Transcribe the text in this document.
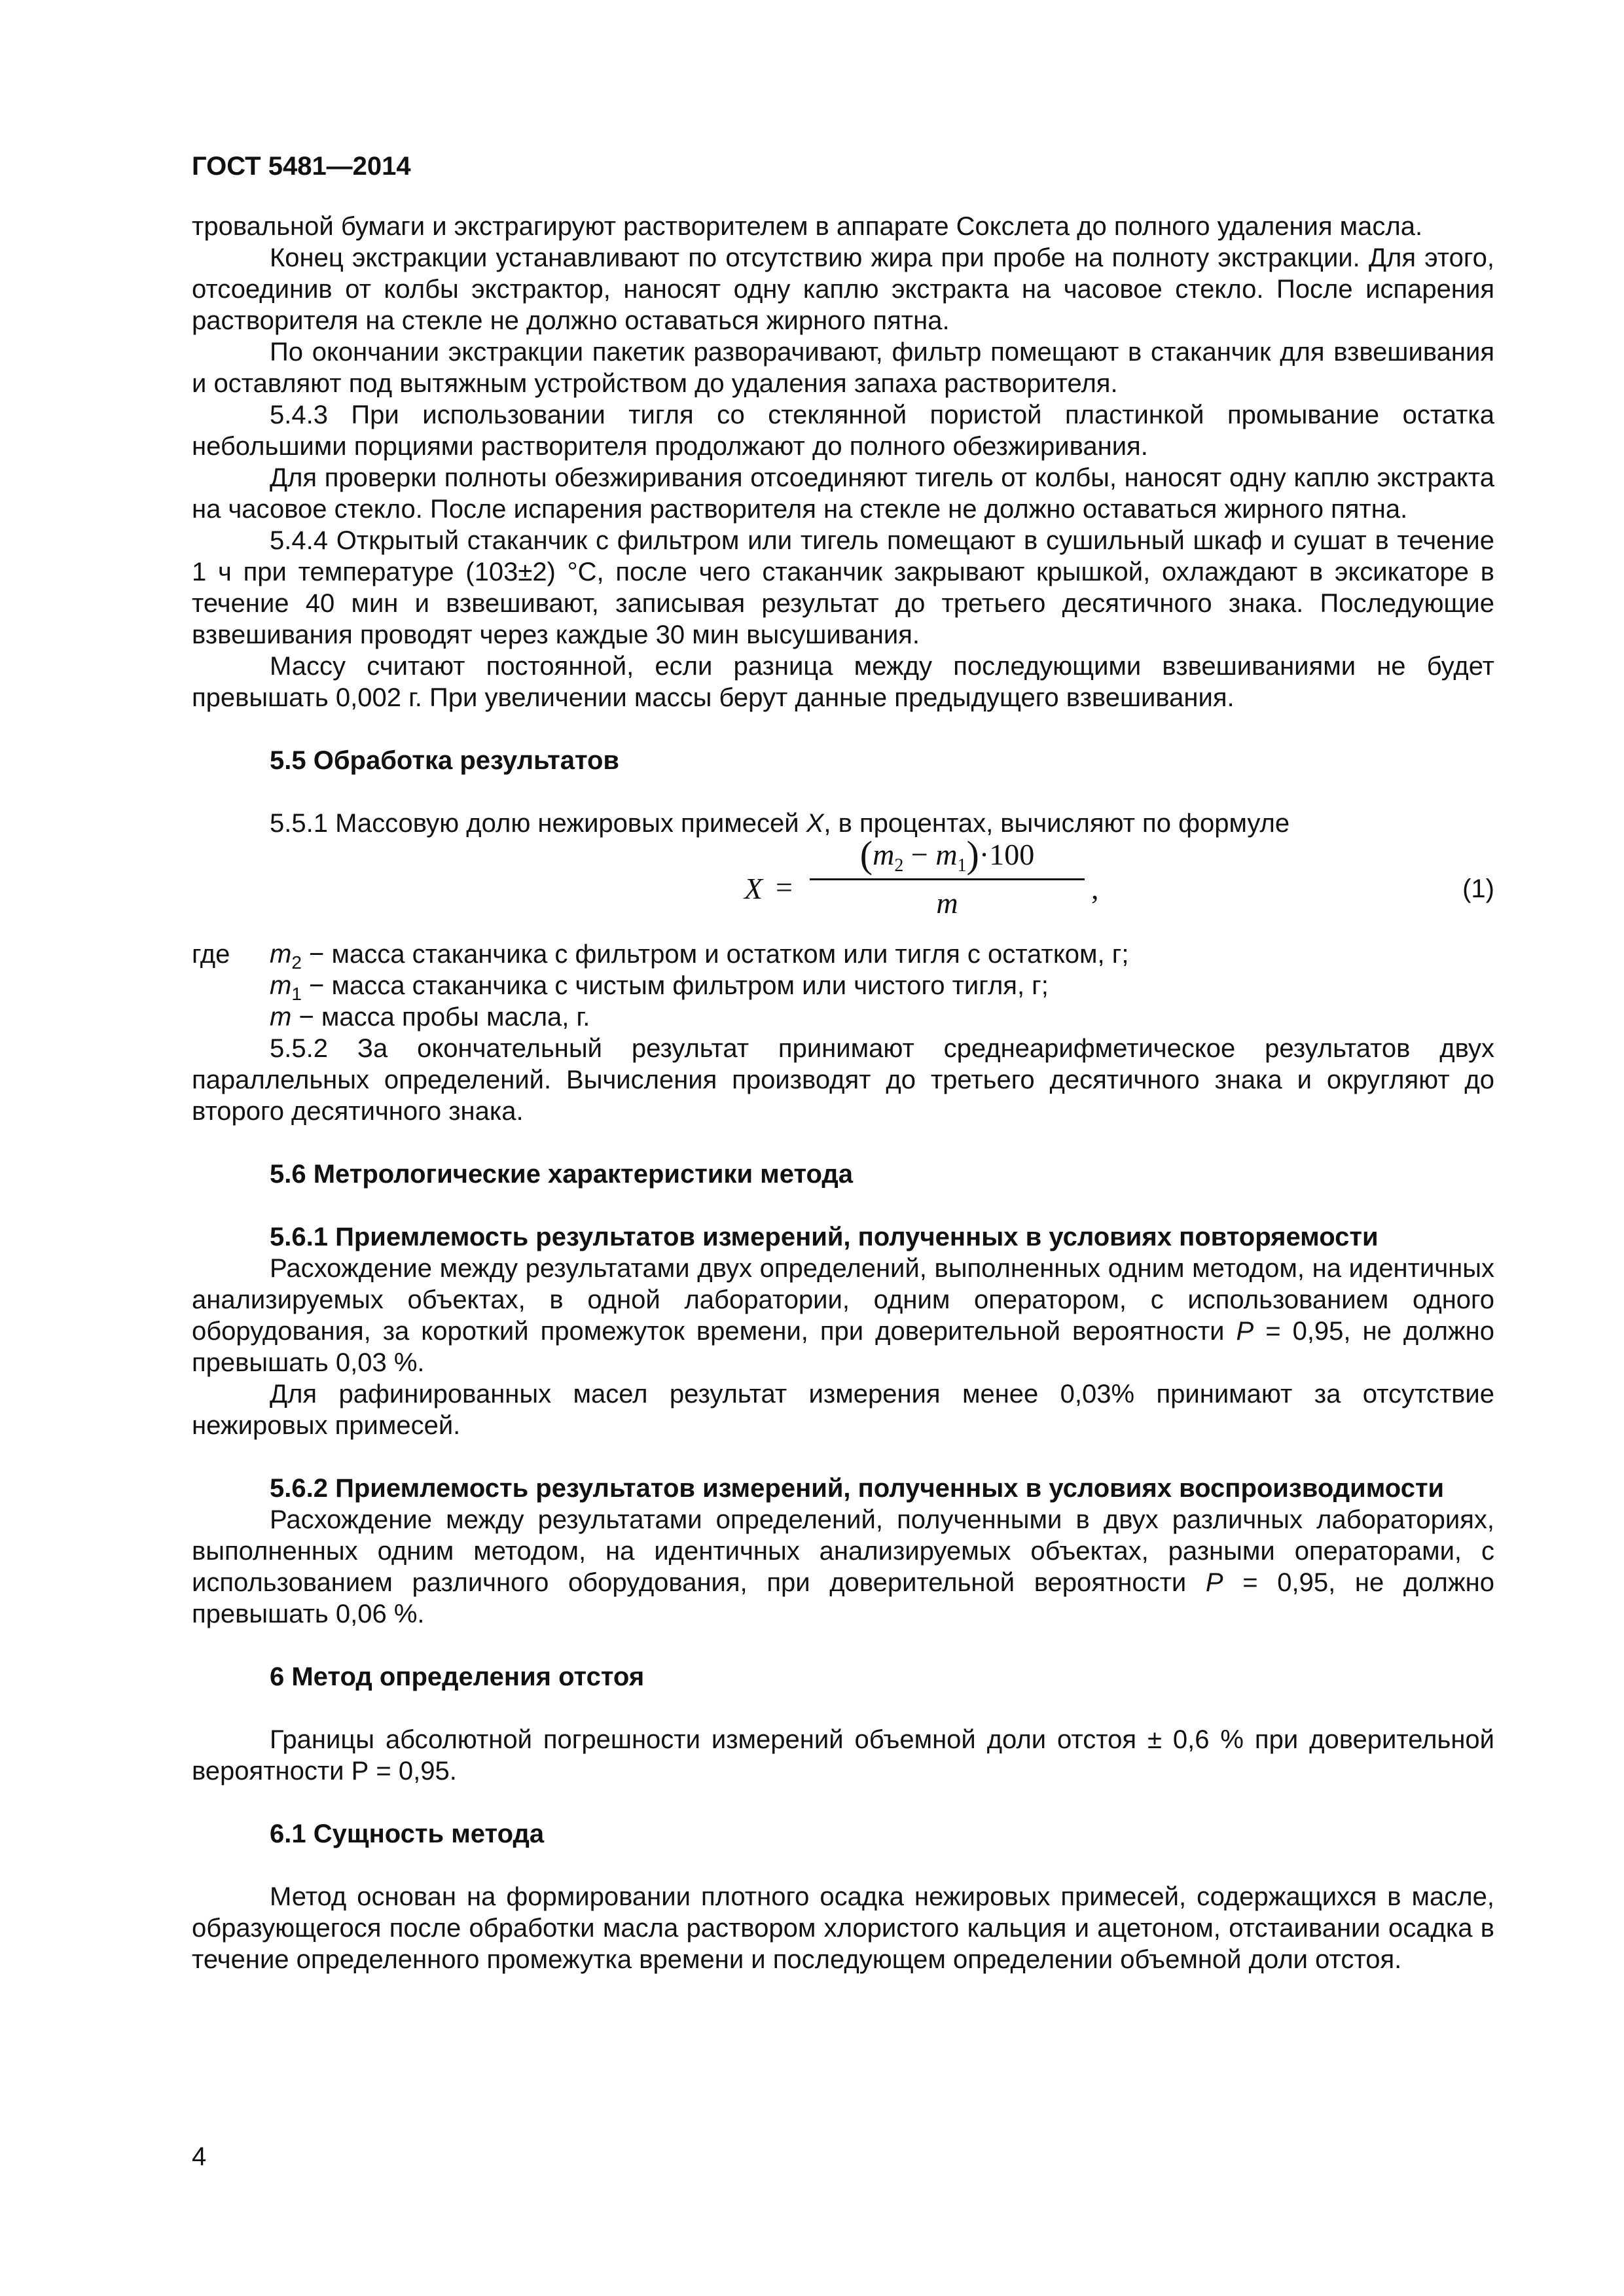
ГОСТ 5481—2014

тровальной бумаги и экстрагируют растворителем в аппарате Сокслета до полного удаления масла.

Конец экстракции устанавливают по отсутствию жира при пробе на полноту экстракции. Для этого, отсоединив от колбы экстрактор, наносят одну каплю экстракта на часовое стекло. После испарения растворителя на стекле не должно оставаться жирного пятна.

По окончании экстракции пакетик разворачивают, фильтр помещают в стаканчик для взвешивания и оставляют под вытяжным устройством до удаления запаха растворителя.

5.4.3 При использовании тигля со стеклянной пористой пластинкой промывание остатка небольшими порциями растворителя продолжают до полного обезжиривания.

Для проверки полноты обезжиривания отсоединяют тигель от колбы, наносят одну каплю экстракта на часовое стекло. После испарения растворителя на стекле не должно оставаться жирного пятна.

5.4.4 Открытый стаканчик с фильтром или тигель помещают в сушильный шкаф и сушат в течение 1 ч при температуре (103±2) °С, после чего стаканчик закрывают крышкой, охлаждают в эксикаторе в течение 40 мин и взвешивают, записывая результат до третьего десятичного знака. Последующие взвешивания проводят через каждые 30 мин высушивания.

Массу считают постоянной, если разница между последующими взвешиваниями не будет превышать 0,002 г. При увеличении массы берут данные предыдущего взвешивания.

5.5 Обработка результатов

5.5.1 Массовую долю нежировых примесей X, в процентах, вычисляют по формуле

X =
$(m_2 - m_1)\cdot 100$
m	,	(1)
где	$m_2$ − масса стаканчика с фильтром и остатком или тигля с остатком, г;

$m_1$ − масса стаканчика с чистым фильтром или чистого тигля, г;

m − масса пробы масла, г.

5.5.2 За окончательный результат принимают среднеарифметическое результатов двух параллельных определений. Вычисления производят до третьего десятичного знака и округляют до второго десятичного знака.

5.6 Метрологические характеристики метода

5.6.1 Приемлемость результатов измерений, полученных в условиях повторяемости

Расхождение между результатами двух определений, выполненных одним методом, на идентичных анализируемых объектах, в одной лаборатории, одним оператором, с использованием одного оборудования, за короткий промежуток времени, при доверительной вероятности Р = 0,95, не должно превышать 0,03 %.

Для рафинированных масел результат измерения менее 0,03% принимают за отсутствие нежировых примесей.

5.6.2 Приемлемость результатов измерений, полученных в условиях воспроизводимости

Расхождение между результатами определений, полученными в двух различных лабораториях, выполненных одним методом, на идентичных анализируемых объектах, разными операторами, с использованием различного оборудования, при доверительной вероятности Р = 0,95, не должно превышать 0,06 %.

6 Метод определения отстоя

Границы абсолютной погрешности измерений объемной доли отстоя ± 0,6 % при доверительной вероятности Р = 0,95.

6.1 Сущность метода

Метод основан на формировании плотного осадка нежировых примесей, содержащихся в масле, образующегося после обработки масла раствором хлористого кальция и ацетоном, отстаивании осадка в течение определенного промежутка времени и последующем определении объемной доли отстоя.

4
